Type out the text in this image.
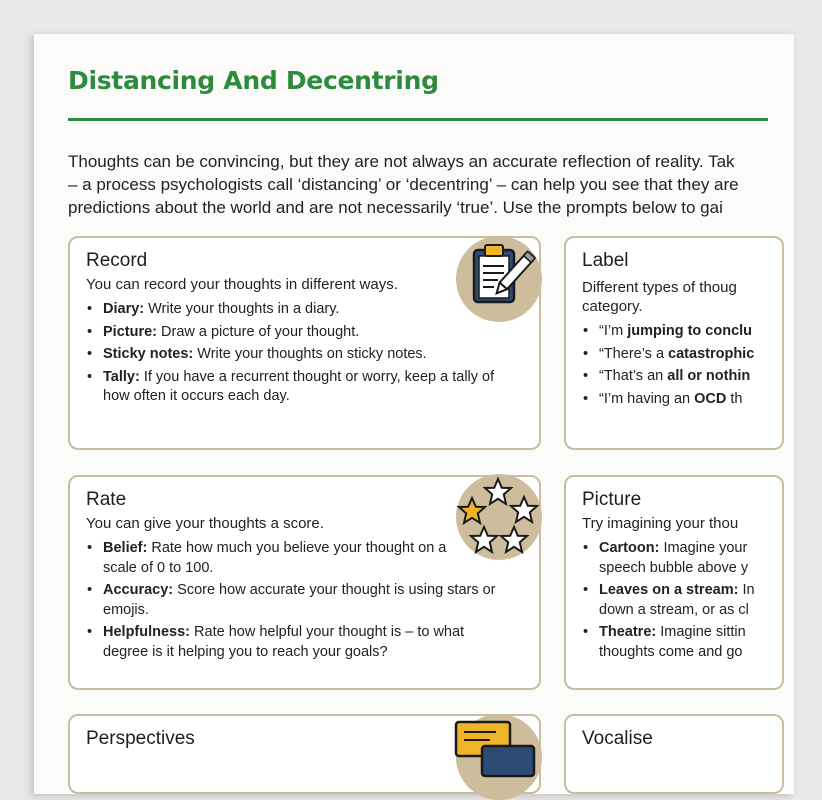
Distancing And Decentring
Thoughts can be convincing, but they are not always an accurate reflection of reality. Tak
– a process psychologists call ‘distancing’ or ‘decentring’ – can help you see that they are
predictions about the world and are not necessarily ‘true’. Use the prompts below to gai
Record
You can record your thoughts in different ways.
• Diary: Write your thoughts in a diary.
• Picture: Draw a picture of your thought.
• Sticky notes: Write your thoughts on sticky notes.
• Tally: If you have a recurrent thought or worry, keep a tally of how often it occurs each day.
Label
Different types of thoug
category.
• “I’m jumping to conclu
• “There’s a catastrophic
• “That’s an all or nothin
• “I’m having an OCD th
Rate
You can give your thoughts a score.
• Belief: Rate how much you believe your thought on a scale of 0 to 100.
• Accuracy: Score how accurate your thought is using stars or emojis.
• Helpfulness: Rate how helpful your thought is – to what degree is it helping you to reach your goals?
Picture
Try imagining your thou
• Cartoon: Imagine your
speech bubble above y
• Leaves on a stream: In
down a stream, or as cl
• Theatre: Imagine sittin
thoughts come and go
Perspectives	Vocalise
